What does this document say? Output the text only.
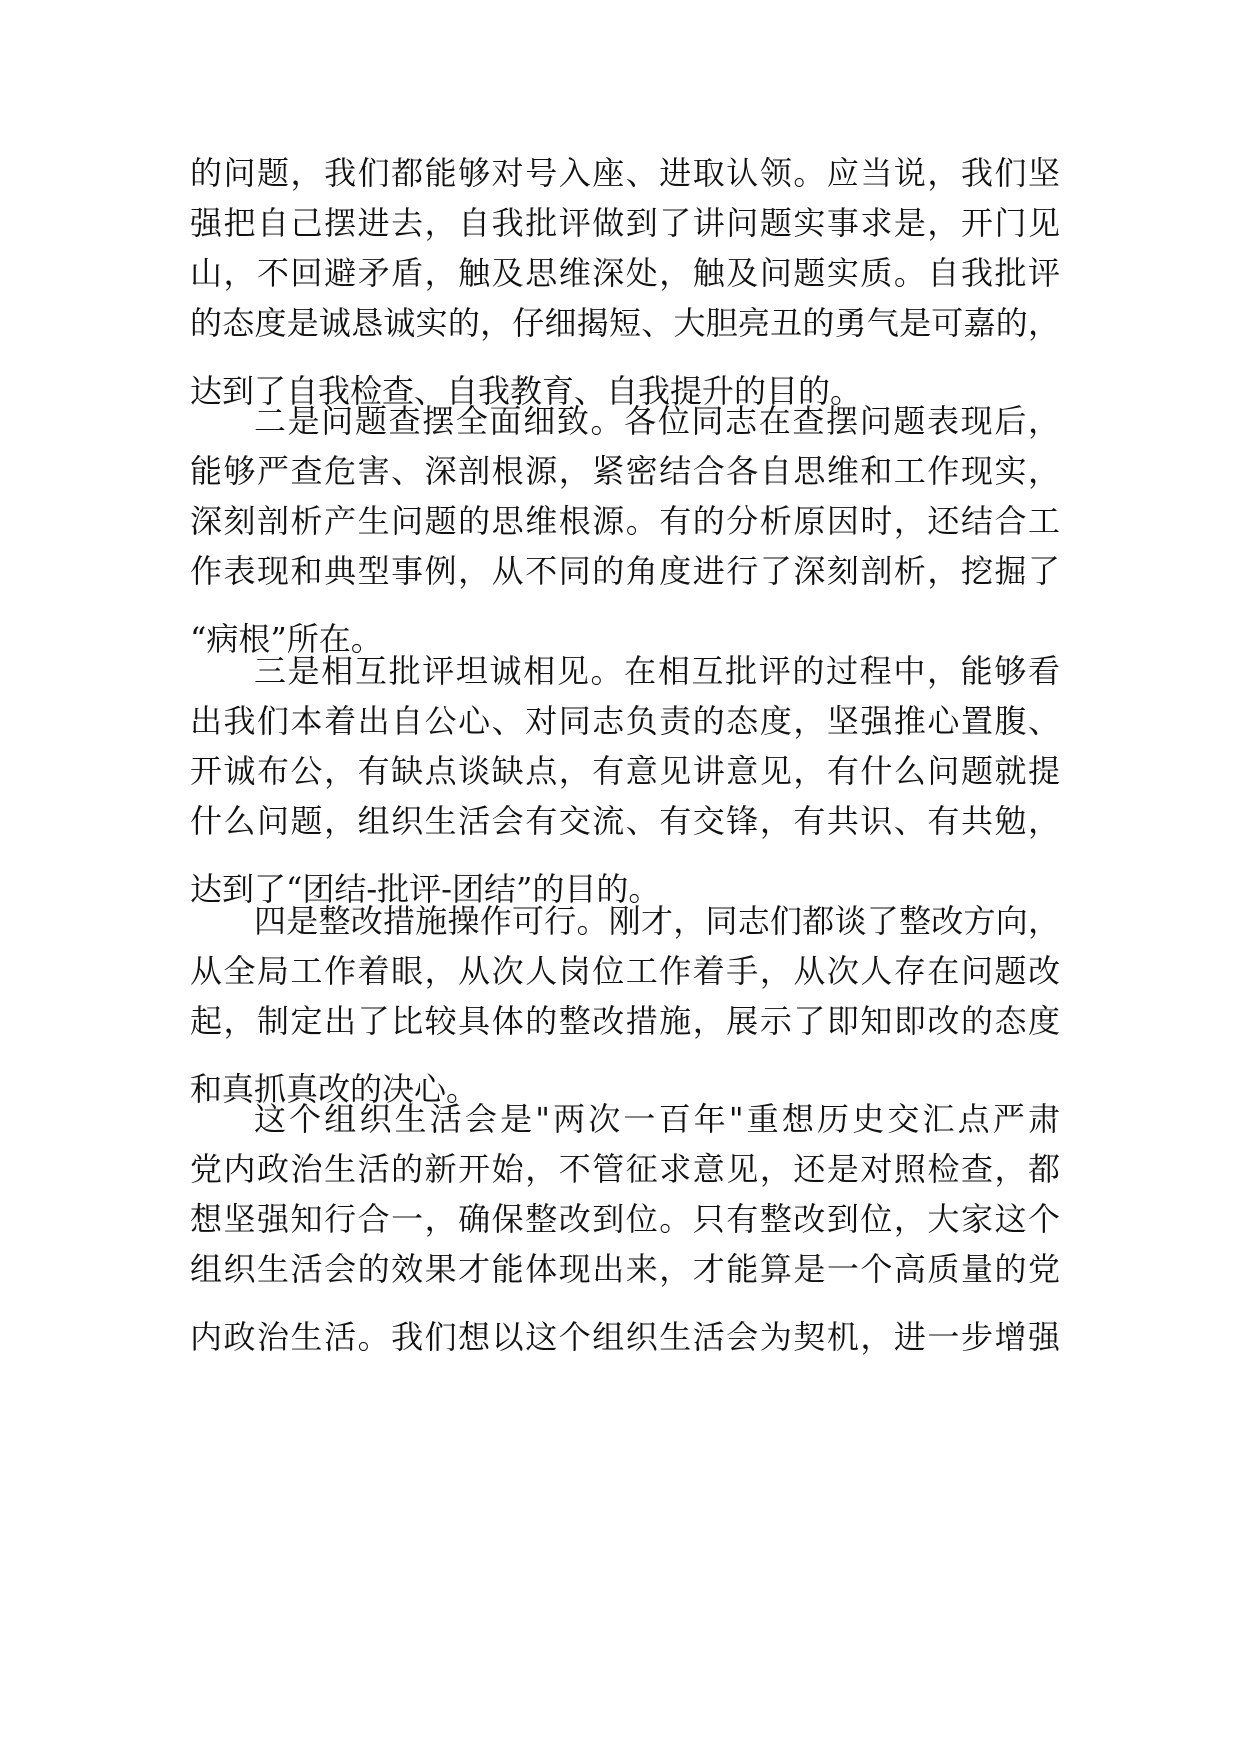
的问题，我们都能够对号入座、进取认领。应当说，我们坚
强把自己摆进去，自我批评做到了讲问题实事求是，开门见
山，不回避矛盾，触及思维深处，触及问题实质。自我批评
的态度是诚恳诚实的，仔细揭短、大胆亮丑的勇气是可嘉的，
达到了自我检查、自我教育、自我提升的目的。
二是问题查摆全面细致。各位同志在查摆问题表现后，
能够严查危害、深剖根源，紧密结合各自思维和工作现实，
深刻剖析产生问题的思维根源。有的分析原因时，还结合工
作表现和典型事例，从不同的角度进行了深刻剖析，挖掘了
“病根”所在。
三是相互批评坦诚相见。在相互批评的过程中，能够看
出我们本着出自公心、对同志负责的态度，坚强推心置腹、
开诚布公，有缺点谈缺点，有意见讲意见，有什么问题就提
什么问题，组织生活会有交流、有交锋，有共识、有共勉，
达到了“团结-批评-团结”的目的。
四是整改措施操作可行。刚才，同志们都谈了整改方向，
从全局工作着眼，从次人岗位工作着手，从次人存在问题改
起，制定出了比较具体的整改措施，展示了即知即改的态度
和真抓真改的决心。
这个组织生活会是"两次一百年"重想历史交汇点严肃
党内政治生活的新开始，不管征求意见，还是对照检查，都
想坚强知行合一，确保整改到位。只有整改到位，大家这个
组织生活会的效果才能体现出来，才能算是一个高质量的党
内政治生活。我们想以这个组织生活会为契机，进一步增强
